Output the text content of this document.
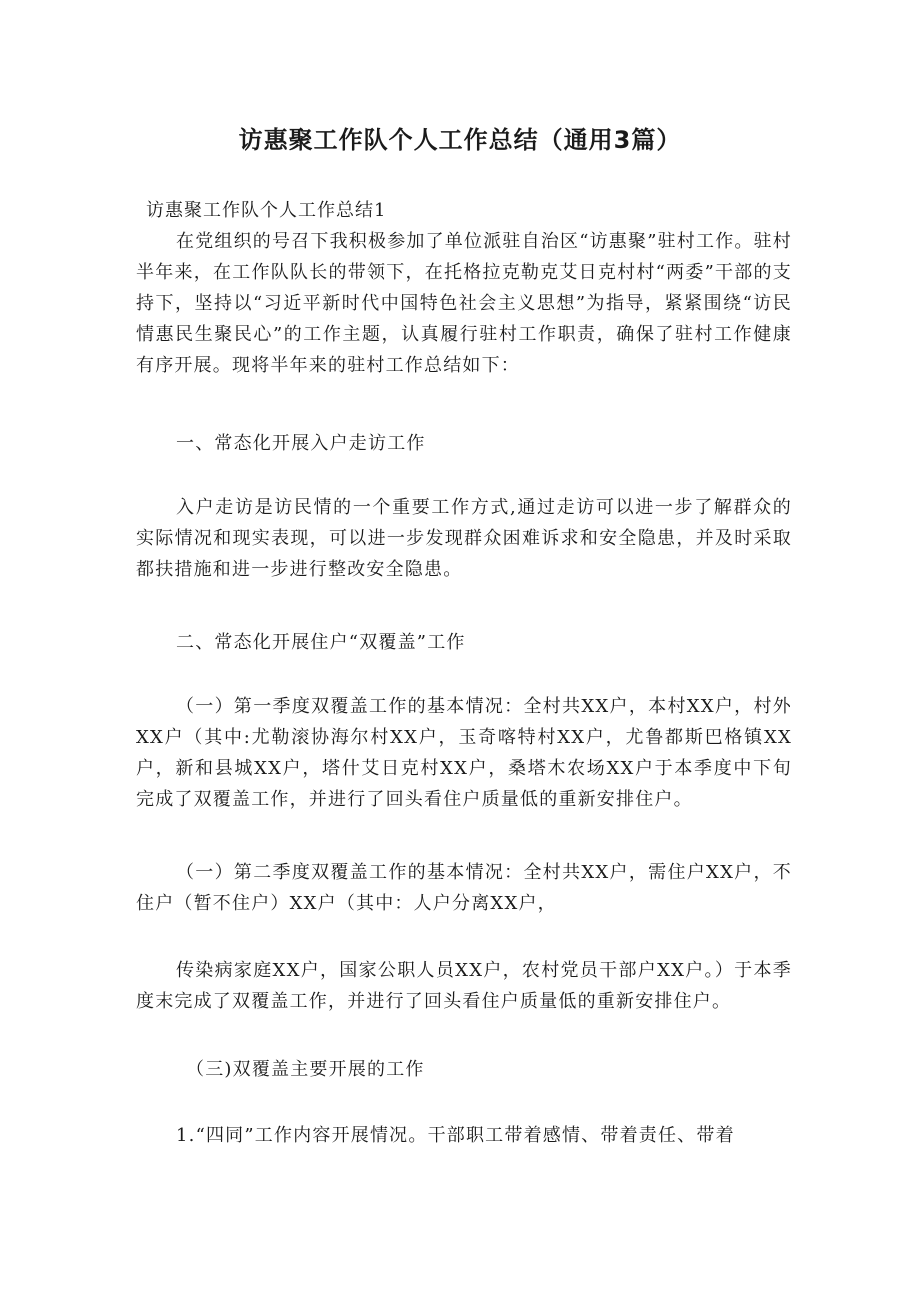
访惠聚工作队个人工作总结（通用3篇）

访惠聚工作队个人工作总结1

在党组织的号召下我积极参加了单位派驻自治区“访惠聚”驻村工作。驻村半年来，在工作队队长的带领下，在托格拉克勒克艾日克村村“两委”干部的支持下，坚持以“习近平新时代中国特色社会主义思想”为指导，紧紧围绕“访民情惠民生聚民心”的工作主题，认真履行驻村工作职责，确保了驻村工作健康有序开展。现将半年来的驻村工作总结如下：

一、常态化开展入户走访工作

入户走访是访民情的一个重要工作方式,通过走访可以进一步了解群众的实际情况和现实表现，可以进一步发现群众困难诉求和安全隐患，并及时采取都扶措施和进一步进行整改安全隐患。

二、常态化开展住户“双覆盖”工作

（一）第一季度双覆盖工作的基本情况：全村共XX户，本村XX户，村外XX户（其中:尤勒滚协海尔村XX户，玉奇喀特村XX户，尤鲁都斯巴格镇XX户，新和县城XX户，塔什艾日克村XX户，桑塔木农场XX户于本季度中下旬完成了双覆盖工作，并进行了回头看住户质量低的重新安排住户。

（一）第二季度双覆盖工作的基本情况：全村共XX户，需住户XX户，不住户（暂不住户）XX户（其中：人户分离XX户，

传染病家庭XX户，国家公职人员XX户，农村党员干部户XX户。）于本季度末完成了双覆盖工作，并进行了回头看住户质量低的重新安排住户。

（三)双覆盖主要开展的工作

1.“四同”工作内容开展情况。干部职工带着感情、带着责任、带着
